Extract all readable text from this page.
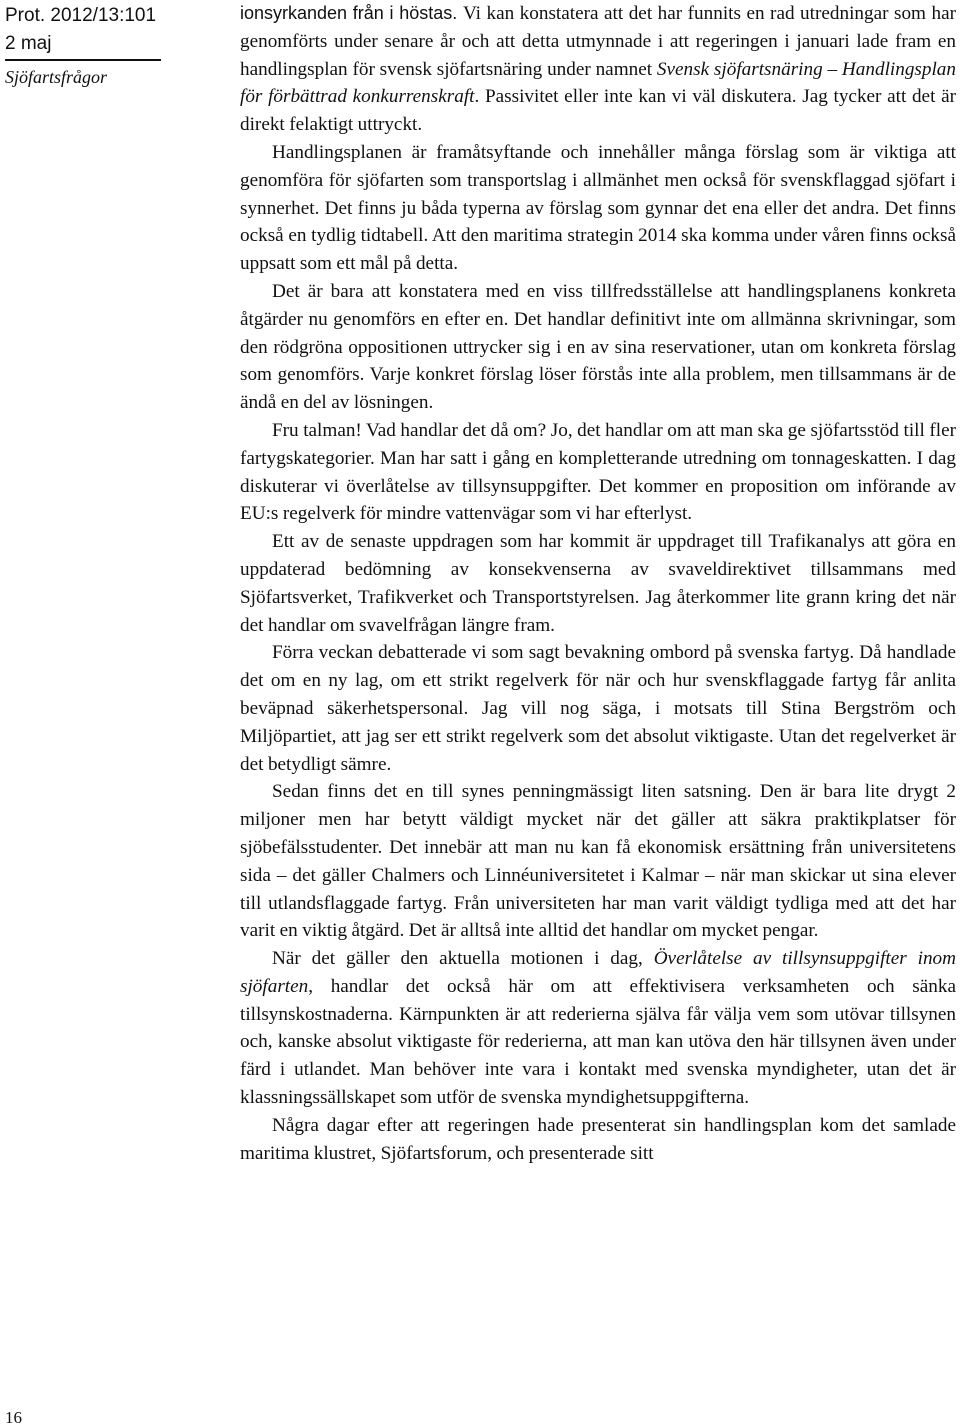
Prot. 2012/13:101
2 maj
Sjöfartsfrågor
16

ionsyrkanden från i höstas. Vi kan konstatera att det har funnits en rad utredningar som har genomförts under senare år och att detta utmynnade i att regeringen i januari lade fram en handlingsplan för svensk sjöfartsnäring under namnet Svensk sjöfartsnäring – Handlingsplan för förbättrad konkurrenskraft. Passivitet eller inte kan vi väl diskutera. Jag tycker att det är direkt felaktigt uttryckt.

Handlingsplanen är framåtsyftande och innehåller många förslag som är viktiga att genomföra för sjöfarten som transportslag i allmänhet men också för svenskflaggad sjöfart i synnerhet. Det finns ju båda typerna av förslag som gynnar det ena eller det andra. Det finns också en tydlig tidtabell. Att den maritima strategin 2014 ska komma under våren finns också uppsatt som ett mål på detta.

Det är bara att konstatera med en viss tillfredsställelse att handlingsplanens konkreta åtgärder nu genomförs en efter en. Det handlar definitivt inte om allmänna skrivningar, som den rödgröna oppositionen uttrycker sig i en av sina reservationer, utan om konkreta förslag som genomförs. Varje konkret förslag löser förstås inte alla problem, men tillsammans är de ändå en del av lösningen.

Fru talman! Vad handlar det då om? Jo, det handlar om att man ska ge sjöfartsstöd till fler fartygskategorier. Man har satt i gång en kompletterande utredning om tonnageskatten. I dag diskuterar vi överlåtelse av tillsynsuppgifter. Det kommer en proposition om införande av EU:s regelverk för mindre vattenvägar som vi har efterlyst.

Ett av de senaste uppdragen som har kommit är uppdraget till Trafikanalys att göra en uppdaterad bedömning av konsekvenserna av svaveldirektivet tillsammans med Sjöfartsverket, Trafikverket och Transportstyrelsen. Jag återkommer lite grann kring det när det handlar om svavelfrågan längre fram.

Förra veckan debatterade vi som sagt bevakning ombord på svenska fartyg. Då handlade det om en ny lag, om ett strikt regelverk för när och hur svenskflaggade fartyg får anlita beväpnad säkerhetspersonal. Jag vill nog säga, i motsats till Stina Bergström och Miljöpartiet, att jag ser ett strikt regelverk som det absolut viktigaste. Utan det regelverket är det betydligt sämre.

Sedan finns det en till synes penningmässigt liten satsning. Den är bara lite drygt 2 miljoner men har betytt väldigt mycket när det gäller att säkra praktikplatser för sjöbefälsstudenter. Det innebär att man nu kan få ekonomisk ersättning från universitetens sida – det gäller Chalmers och Linnéuniversitetet i Kalmar – när man skickar ut sina elever till utlandsflaggade fartyg. Från universiteten har man varit väldigt tydliga med att det har varit en viktig åtgärd. Det är alltså inte alltid det handlar om mycket pengar.

När det gäller den aktuella motionen i dag, Överlåtelse av tillsynsuppgifter inom sjöfarten, handlar det också här om att effektivisera verksamheten och sänka tillsynskostnaderna. Kärnpunkten är att rederierna själva får välja vem som utövar tillsynen och, kanske absolut viktigaste för rederierna, att man kan utöva den här tillsynen även under färd i utlandet. Man behöver inte vara i kontakt med svenska myndigheter, utan det är klassningssällskapet som utför de svenska myndighetsuppgifterna.

Några dagar efter att regeringen hade presenterat sin handlingsplan kom det samlade maritima klustret, Sjöfartsforum, och presenterade sitt
